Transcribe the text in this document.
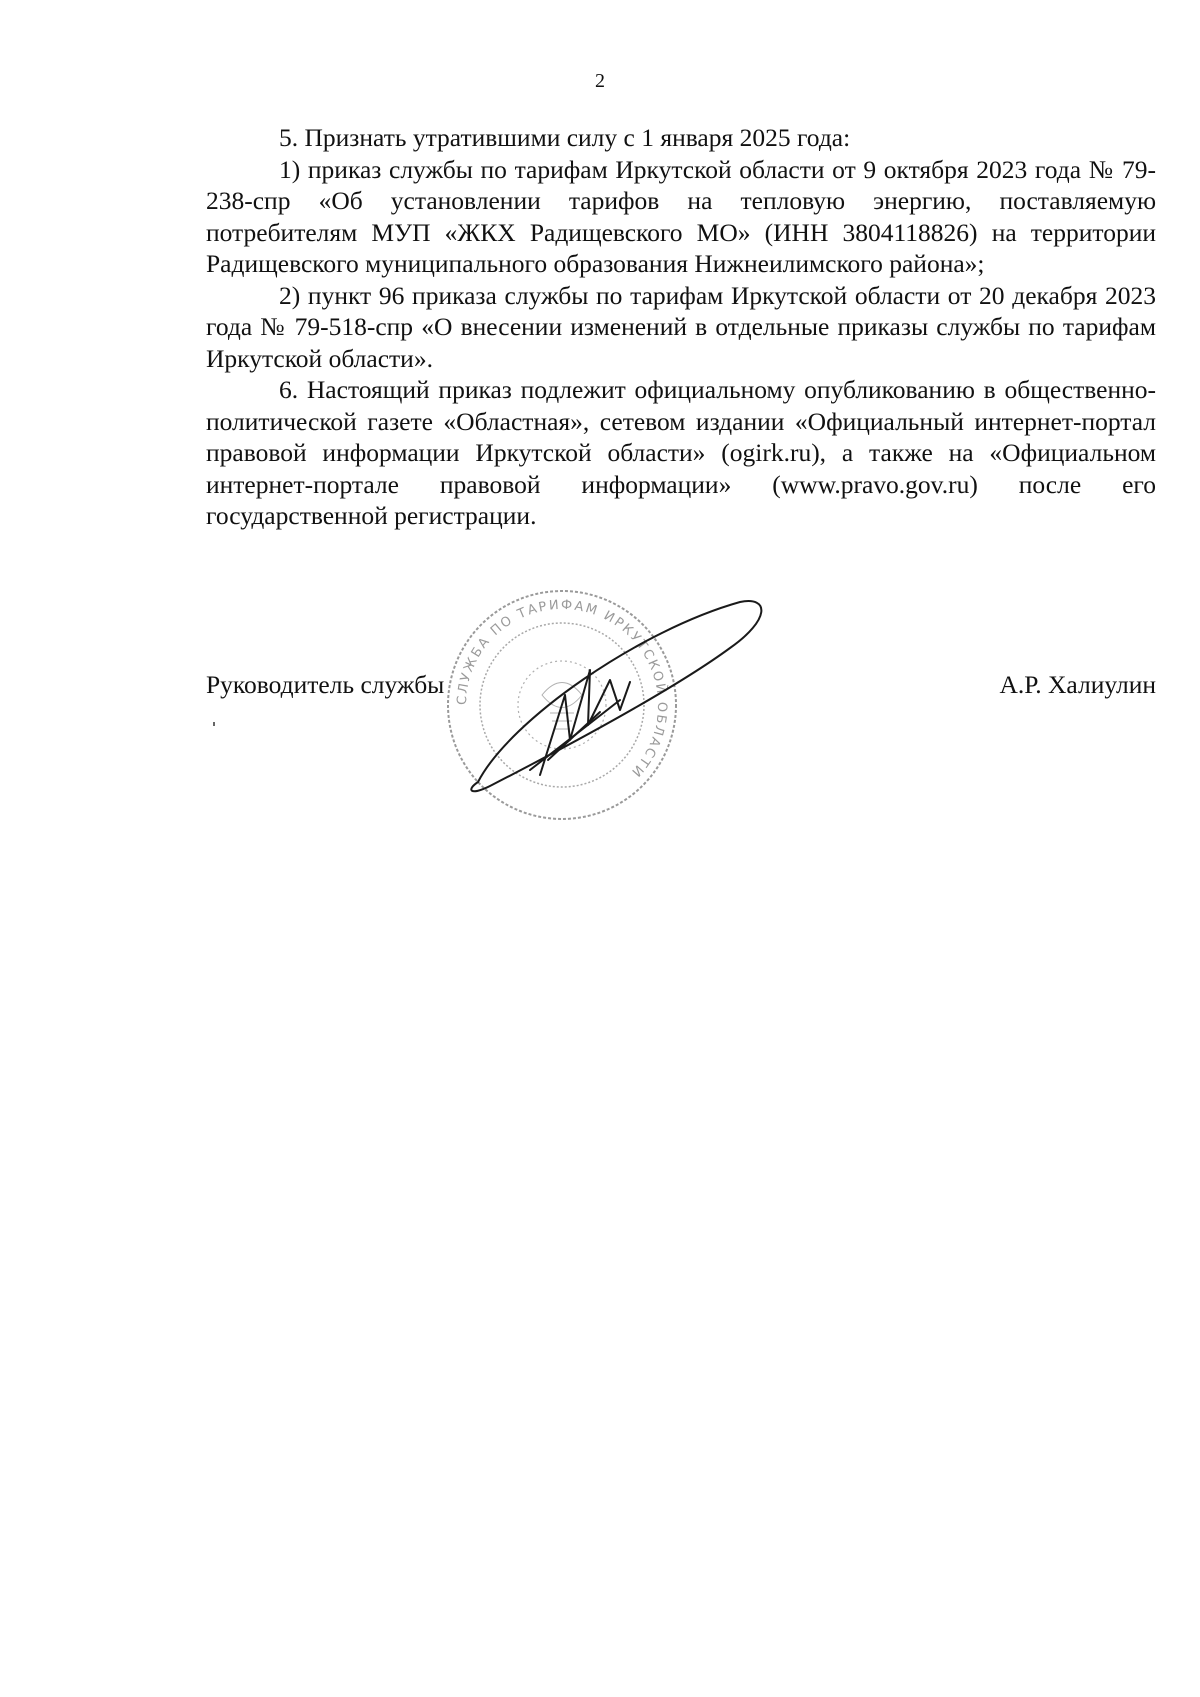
2

5. Признать утратившими силу с 1 января 2025 года:

1) приказ службы по тарифам Иркутской области от 9 октября 2023 года № 79-238-спр «Об установлении тарифов на тепловую энергию, поставляемую потребителям МУП «ЖКХ Радищевского МО» (ИНН 3804118826) на территории Радищевского муниципального образования Нижнеилимского района»;

2) пункт 96 приказа службы по тарифам Иркутской области от 20 декабря 2023 года № 79-518-спр «О внесении изменений в отдельные приказы службы по тарифам Иркутской области».

6. Настоящий приказ подлежит официальному опубликованию в общественно-политической газете «Областная», сетевом издании «Официальный интернет-портал правовой информации Иркутской области» (ogirk.ru), а также на «Официальном интернет-портале правовой информации» (www.pravo.gov.ru) после его государственной регистрации.

Руководитель службы	А.Р. Халиулин
СЛУЖБА ПО ТАРИФАМ ИРКУТСКОЙ ОБЛАСТИ
